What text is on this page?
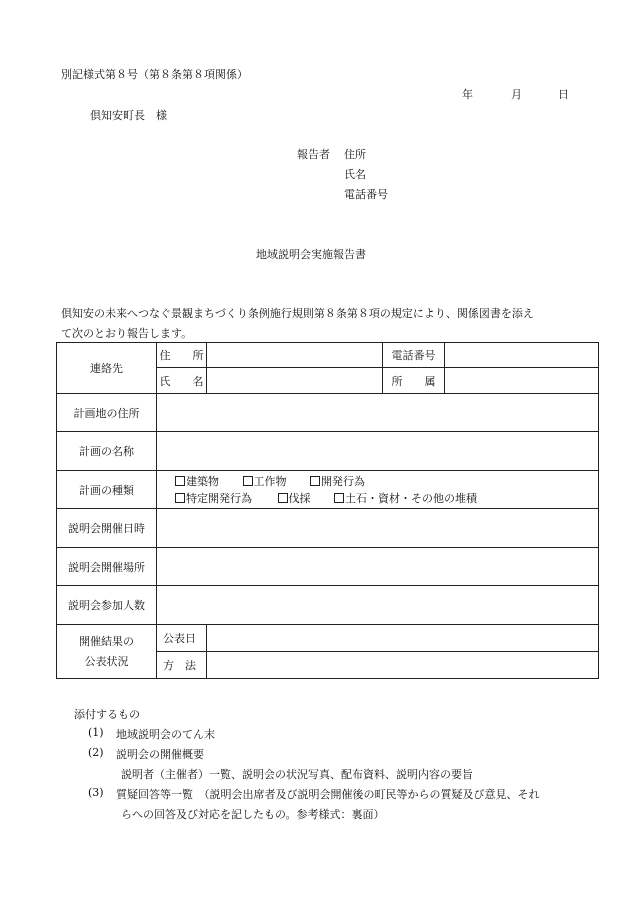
別記様式第８号（第８条第８項関係）
年	月	日
倶知安町長　様
報告者 住所
氏名
電話番号
地域説明会実施報告書
倶知安の未来へつなぐ景観まちづくり条例施行規則第８条第８項の規定により、関係図書を添え
て次のとおり報告します。
連絡先	住　　所		電話番号	
	氏　　名		所　　属	
計画地の住所				
計画の名称				
計画の種類	建築物 工作物 開発行為
特定開発行為 伐採 土石・資材・その他の堆積			

説明会開催日時				
説明会開催場所				
説明会参加人数				

開催結果の
公表状況	公表日			
	方　法			
添付するもの
(1) 地域説明会のてん末
(2) 説明会の開催概要
説明者（主催者）一覧、説明会の状況写真、配布資料、説明内容の要旨
(3) 質疑回答等一覧　（説明会出席者及び説明会開催後の町民等からの質疑及び意見、それ
らへの回答及び対応を記したもの。参考様式：裏面）
